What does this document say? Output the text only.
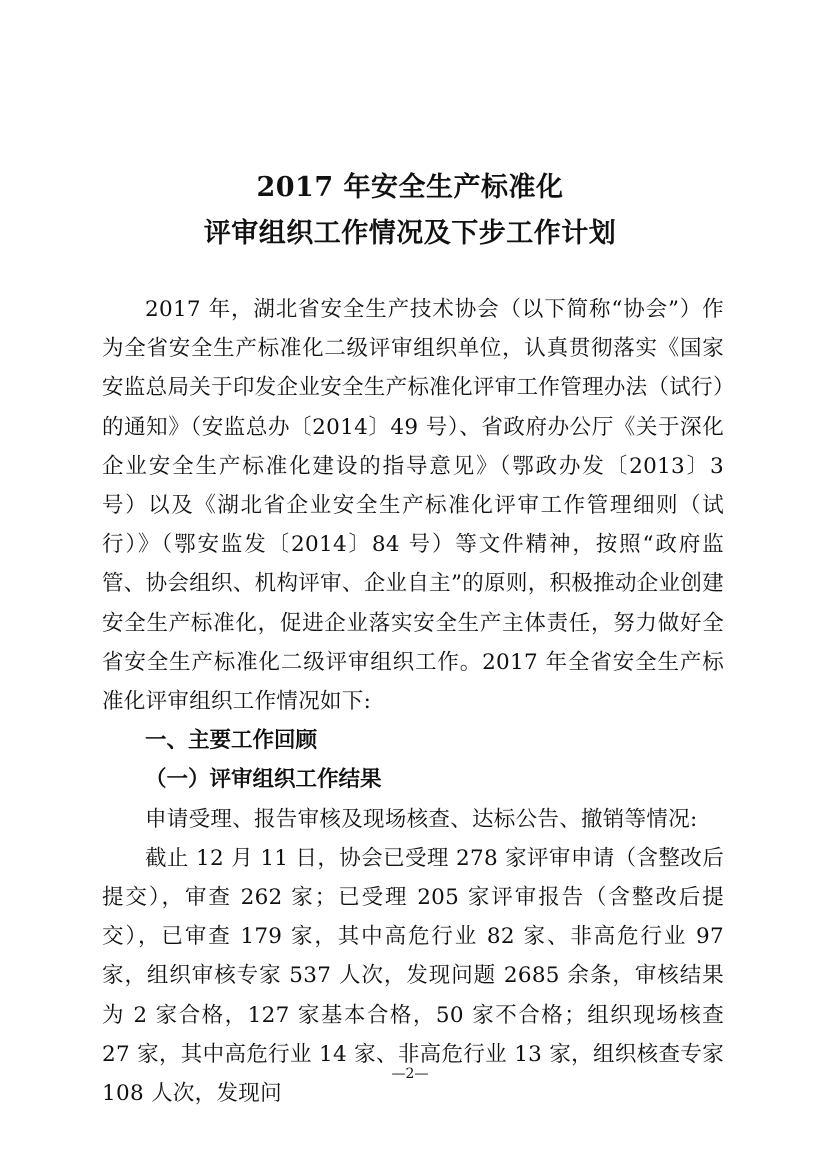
2017 年安全生产标准化
评审组织工作情况及下步工作计划

2017 年，湖北省安全生产技术协会（以下简称“协会”）作为全省安全生产标准化二级评审组织单位，认真贯彻落实《国家安监总局关于印发企业安全生产标准化评审工作管理办法（试行）的通知》（安监总办〔2014〕49 号）、省政府办公厅《关于深化企业安全生产标准化建设的指导意见》（鄂政办发〔2013〕3 号）以及《湖北省企业安全生产标准化评审工作管理细则（试行）》（鄂安监发〔2014〕84 号）等文件精神，按照“政府监管、协会组织、机构评审、企业自主”的原则，积极推动企业创建安全生产标准化，促进企业落实安全生产主体责任，努力做好全省安全生产标准化二级评审组织工作。2017 年全省安全生产标准化评审组织工作情况如下:

一、主要工作回顾

（一）评审组织工作结果

申请受理、报告审核及现场核查、达标公告、撤销等情况:

截止 12 月 11 日，协会已受理 278 家评审申请（含整改后提交），审查 262 家；已受理 205 家评审报告（含整改后提交），已审查 179 家，其中高危行业 82 家、非高危行业 97 家，组织审核专家 537 人次，发现问题 2685 余条，审核结果为 2 家合格，127 家基本合格，50 家不合格；组织现场核查 27 家，其中高危行业 14 家、非高危行业 13 家，组织核查专家 108 人次，发现问

—2—
